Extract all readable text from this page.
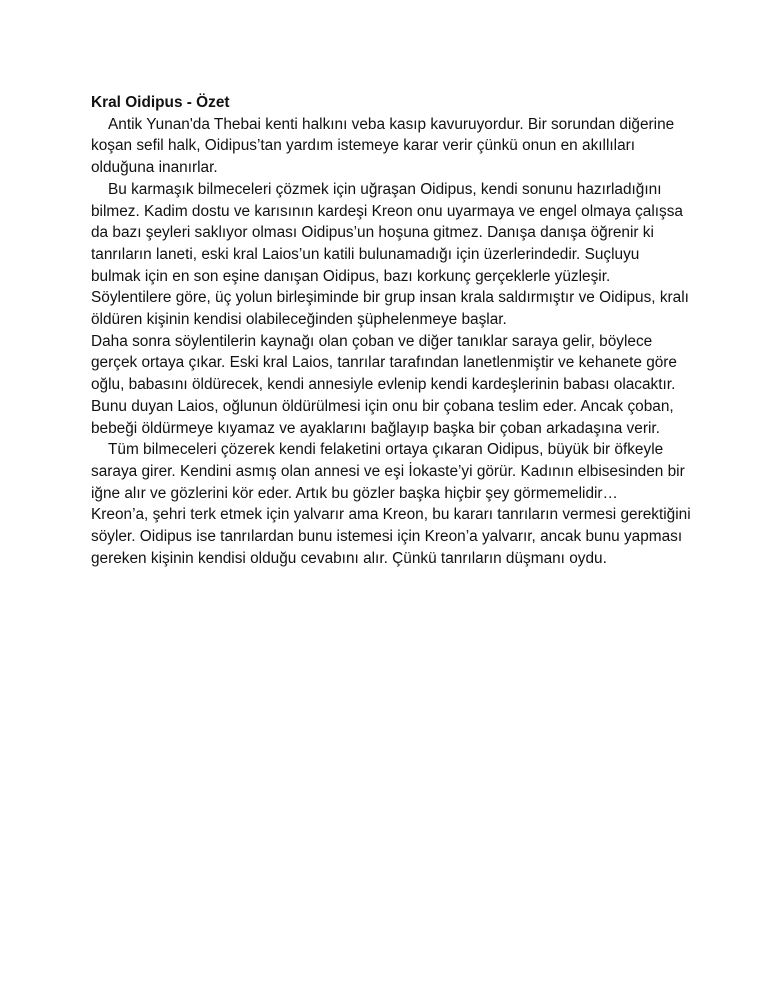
Kral Oidipus - Özet

Antik Yunan'da Thebai kenti halkını veba kasıp kavuruyordur. Bir sorundan diğerine koşan sefil halk, Oidipus’tan yardım istemeye karar verir çünkü onun en akıllıları olduğuna inanırlar.

Bu karmaşık bilmeceleri çözmek için uğraşan Oidipus, kendi sonunu hazırladığını bilmez. Kadim dostu ve karısının kardeşi Kreon onu uyarmaya ve engel olmaya çalışsa da bazı şeyleri saklıyor olması Oidipus’un hoşuna gitmez. Danışa danışa öğrenir ki tanrıların laneti, eski kral Laios’un katili bulunamadığı için üzerlerindedir. Suçluyu bulmak için en son eşine danışan Oidipus, bazı korkunç gerçeklerle yüzleşir. Söylentilere göre, üç yolun birleşiminde bir grup insan krala saldırmıştır ve Oidipus, kralı öldüren kişinin kendisi olabileceğinden şüphelenmeye başlar.

Daha sonra söylentilerin kaynağı olan çoban ve diğer tanıklar saraya gelir, böylece gerçek ortaya çıkar. Eski kral Laios, tanrılar tarafından lanetlenmiştir ve kehanete göre oğlu, babasını öldürecek, kendi annesiyle evlenip kendi kardeşlerinin babası olacaktır. Bunu duyan Laios, oğlunun öldürülmesi için onu bir çobana teslim eder. Ancak çoban, bebeği öldürmeye kıyamaz ve ayaklarını bağlayıp başka bir çoban arkadaşına verir.

Tüm bilmeceleri çözerek kendi felaketini ortaya çıkaran Oidipus, büyük bir öfkeyle saraya girer. Kendini asmış olan annesi ve eşi İokaste’yi görür. Kadının elbisesinden bir iğne alır ve gözlerini kör eder. Artık bu gözler başka hiçbir şey görmemelidir…

Kreon’a, şehri terk etmek için yalvarır ama Kreon, bu kararı tanrıların vermesi gerektiğini söyler. Oidipus ise tanrılardan bunu istemesi için Kreon’a yalvarır, ancak bunu yapması gereken kişinin kendisi olduğu cevabını alır. Çünkü tanrıların düşmanı oydu.
